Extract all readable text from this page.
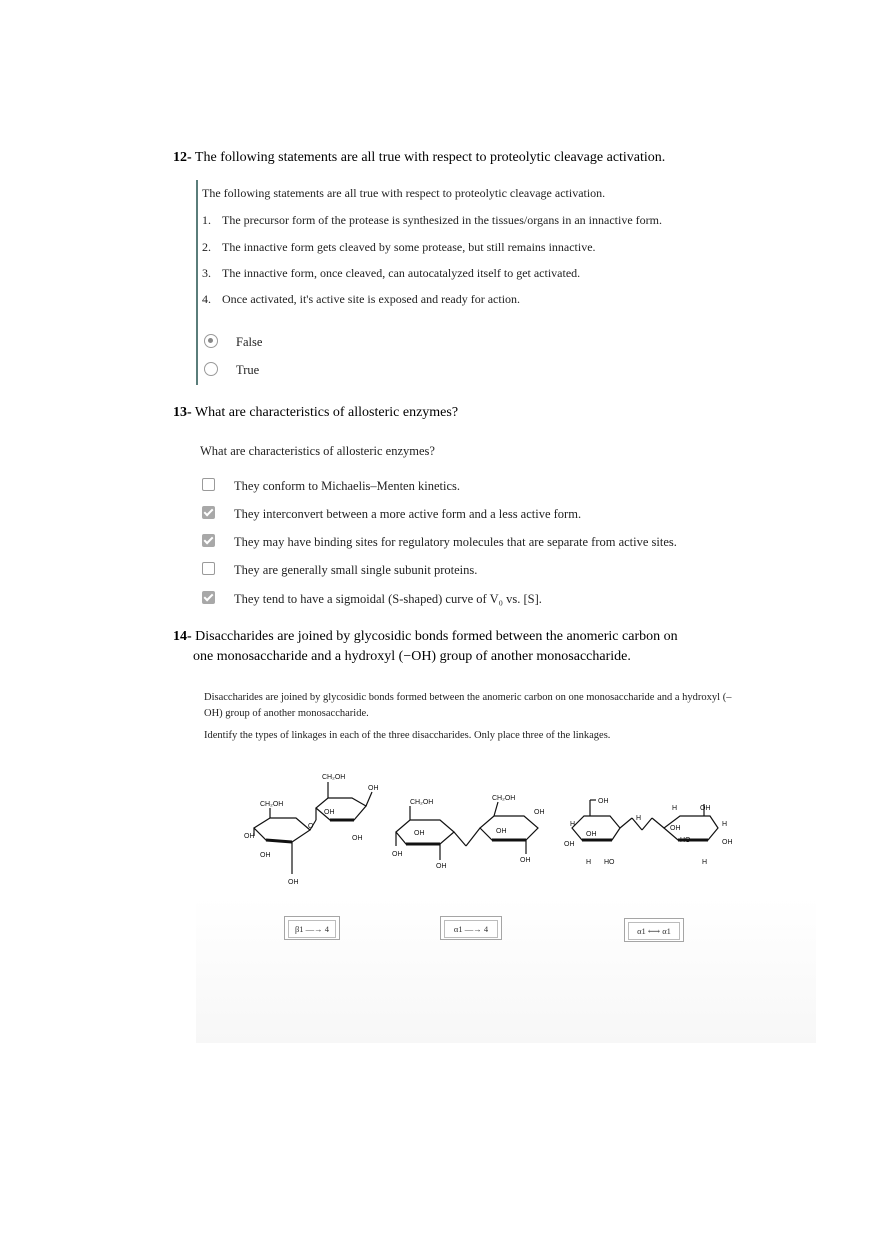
12- The following statements are all true with respect to proteolytic cleavage activation.
The following statements are all true with respect to proteolytic cleavage activation.
1. The precursor form of the protease is synthesized in the tissues/organs in an innactive form.
2. The innactive form gets cleaved by some protease, but still remains innactive.
3. The innactive form, once cleaved, can autocatalyzed itself to get activated.
4. Once activated, it's active site is exposed and ready for action.
False
True
13- What are characteristics of allosteric enzymes?
What are characteristics of allosteric enzymes?
They conform to Michaelis–Menten kinetics.
They interconvert between a more active form and a less active form.
They may have binding sites for regulatory molecules that are separate from active sites.
They are generally small single subunit proteins.
They tend to have a sigmoidal (S-shaped) curve of V₀ vs. [S].
14- Disaccharides are joined by glycosidic bonds formed between the anomeric carbon on
one monosaccharide and a hydroxyl (−OH) group of another monosaccharide.
Disaccharides are joined by glycosidic bonds formed between the anomeric carbon on one monosaccharide and a hydroxyl (–OH) group of another monosaccharide.
Identify the types of linkages in each of the three disaccharides. Only place three of the linkages.
CH₂OH
OH
OH
OH
O
CH₂OH
OH
OH
OH
CH₂OH
CH₂OH
OH
OH	OH
OH
OH
OH
OH
H
OH
OH
H HO
H
H	OH
OH
HO
H
OH
H
β1 —→ 4	α1 —→ 4	α1 ⟷ α1
